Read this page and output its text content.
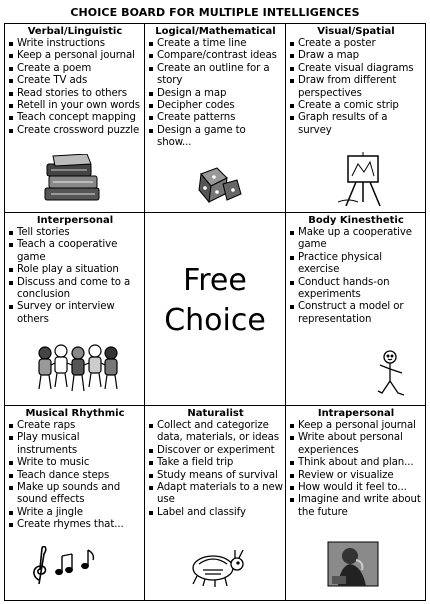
CHOICE BOARD FOR MULTIPLE INTELLIGENCES
Verbal/Linguistic
Write instructions
Keep a personal journal
Create a poem
Create TV ads
Read stories to others
Retell in your own words
Teach concept mapping
Create crossword puzzle
Logical/Mathematical
Create a time line
Compare/contrast ideas
Create an outline for a story
Design a map
Decipher codes
Create patterns
Design a game to show...
Visual/Spatial
Create a poster
Draw a map
Create visual diagrams
Draw from different perspectives
Create a comic strip
Graph results of a survey
Interpersonal
Tell stories
Teach a cooperative game
Role play a situation
Discuss and come to a conclusion
Survey or interview others
Free
Choice
Body Kinesthetic
Make up a cooperative game
Practice physical exercise
Conduct hands-on experiments
Construct a model or representation
Musical Rhythmic
Create raps
Play musical instruments
Write to music
Teach dance steps
Make up sounds and sound effects
Write a jingle
Create rhymes that...
Naturalist
Collect and categorize data, materials, or ideas
Discover or experiment
Take a field trip
Study means of survival
Adapt materials to a new use
Label and classify
Intrapersonal
Keep a personal journal
Write about personal experiences
Think about and plan...
Review or visualize
How would it feel to...
Imagine and write about the future
